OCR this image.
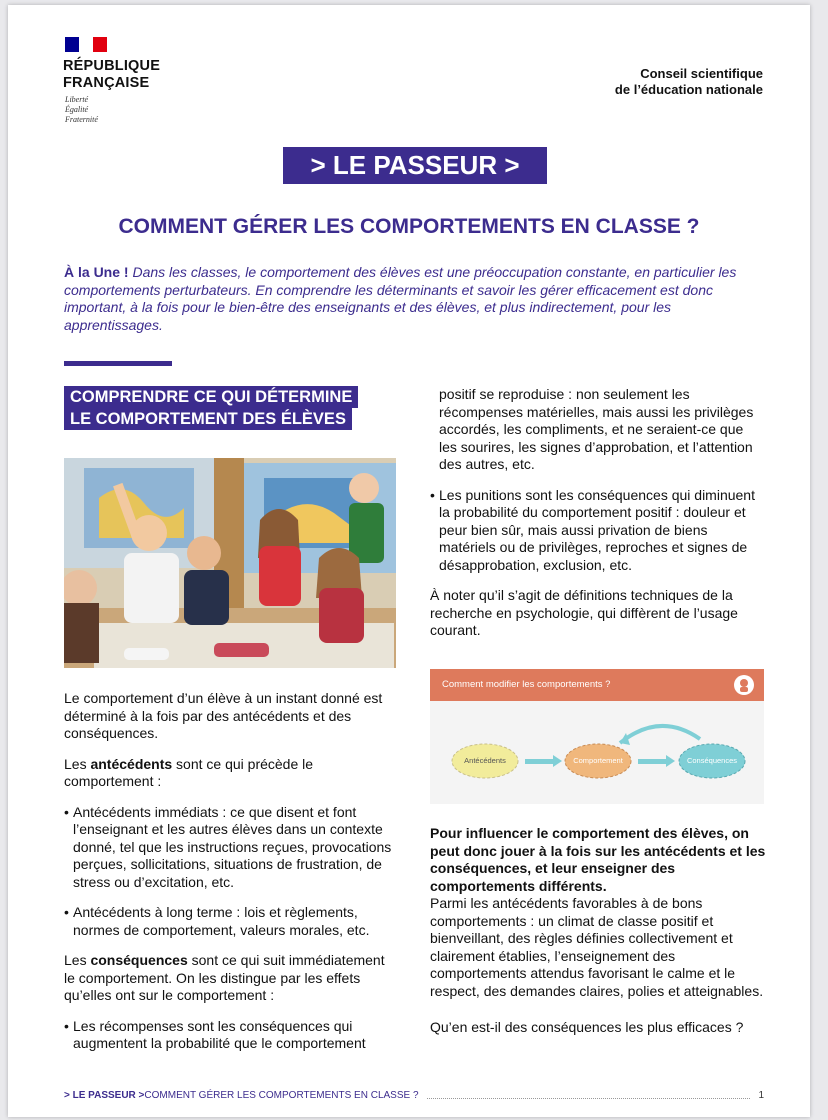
RÉPUBLIQUE
FRANÇAISE
Liberté
Égalité
Fraternité
Conseil scientifique
de l’éducation nationale
> LE PASSEUR >
COMMENT GÉRER LES COMPORTEMENTS EN CLASSE ?
À la Une ! Dans les classes, le comportement des élèves est une préoccupation constante, en particulier les comportements perturbateurs. En comprendre les déterminants et savoir les gérer efficacement est donc important, à la fois pour le bien-être des enseignants et des élèves, et plus indirectement, pour les apprentissages.
COMPRENDRE CE QUI DÉTERMINE
LE COMPORTEMENT DES ÉLÈVES

Le comportement d’un élève à un instant donné est déterminé à la fois par des antécédents et des conséquences.

Les antécédents sont ce qui précède le comportement :

• Antécédents immédiats : ce que disent et font l’enseignant et les autres élèves dans un contexte donné, tel que les instructions reçues, provocations perçues, sollicitations, situations de frustration, de stress ou d’excitation, etc.

• Antécédents à long terme : lois et règlements, normes de comportement, valeurs morales, etc.

Les conséquences sont ce qui suit immédiatement le comportement. On les distingue par les effets qu’elles ont sur le comportement :

• Les récompenses sont les conséquences qui augmentent la probabilité que le comportement

positif se reproduise : non seulement les récompenses matérielles, mais aussi les privilèges accordés, les compliments, et ne seraient-ce que les sourires, les signes d’approbation, et l’attention des autres, etc.

• Les punitions sont les conséquences qui diminuent la probabilité du comportement positif : douleur et peur bien sûr, mais aussi privation de biens matériels ou de privilèges, reproches et signes de désapprobation, exclusion, etc.

À noter qu’il s’agit de définitions techniques de la recherche en psychologie, qui diffèrent de l’usage courant.

Comment modifier les comportements ?
Antécédents	Comportement	Conséquences

Pour influencer le comportement des élèves, on peut donc jouer à la fois sur les antécédents et les conséquences, et leur enseigner des comportements différents.

Parmi les antécédents favorables à de bons comportements : un climat de classe positif et bienveillant, des règles définies collectivement et clairement établies, l’enseignement des comportements attendus favorisant le calme et le respect, des demandes claires, polies et atteignables.

Qu’en est-il des conséquences les plus efficaces ?

> LE PASSEUR > COMMENT GÉRER LES COMPORTEMENTS EN CLASSE ?	1
